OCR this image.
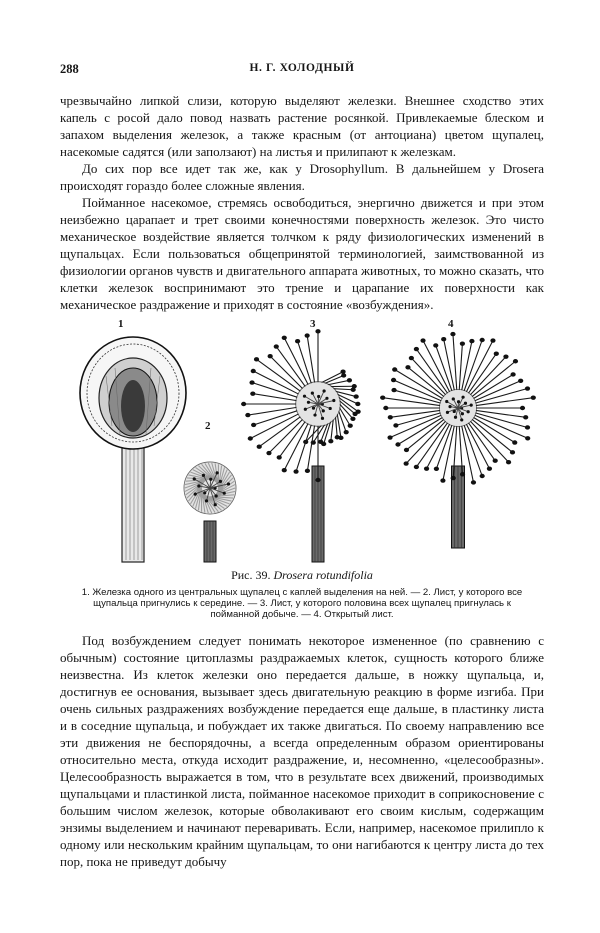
288	Н. Г. ХОЛОДНЫЙ

чрезвычайно липкой слизи, которую выделяют железки. Внешнее сходство этих капель с росой дало повод назвать растение росянкой. Привлекаемые блеском и запахом выделения железок, а также красным (от антоциана) цветом щупалец, насекомые садятся (или заползают) на листья и прилипают к железкам.

До сих пор все идет так же, как у Drosophyllum. В дальнейшем у Drosera происходят гораздо более сложные явления.

Пойманное насекомое, стремясь освободиться, энергично движется и при этом неизбежно царапает и трет своими конечностями поверхность железок. Это чисто механическое воздействие является толчком к ряду физиологических изменений в щупальцах. Если пользоваться общепринятой терминологией, заимствованной из физиологии органов чувств и двигательного аппарата животных, то можно сказать, что клетки железок воспринимают это трение и царапание их поверхности как механическое раздражение и приходят в состояние «возбуждения».

1
2
3	4
Рис. 39. Drosera rotundifolia
1. Железка одного из центральных щупалец с каплей выделения на ней. — 2. Лист, у которого все щупальца пригнулись к середине. — 3. Лист, у которого половина всех щупалец пригнулась к пойманной добыче. — 4. Открытый лист.

Под возбуждением следует понимать некоторое измененное (по сравнению с обычным) состояние цитоплазмы раздражаемых клеток, сущность которого ближе неизвестна. Из клеток железки оно передается дальше, в ножку щупальца, и, достигнув ее основания, вызывает здесь двигательную реакцию в форме изгиба. При очень сильных раздражениях возбуждение передается еще дальше, в пластинку листа и в соседние щупальца, и побуждает их также двигаться. По своему направлению все эти движения не беспорядочны, а всегда определенным образом ориентированы относительно места, откуда исходит раздражение, и, несомненно, «целесообразны». Целесообразность выражается в том, что в результате всех движений, производимых щупальцами и пластинкой листа, пойманное насекомое приходит в соприкосновение с большим числом железок, которые обволакивают его своим кислым, содержащим энзимы выделением и начинают переваривать. Если, например, насекомое прилипло к одному или нескольким крайним щупальцам, то они нагибаются к центру листа до тех пор, пока не приведут добычу
